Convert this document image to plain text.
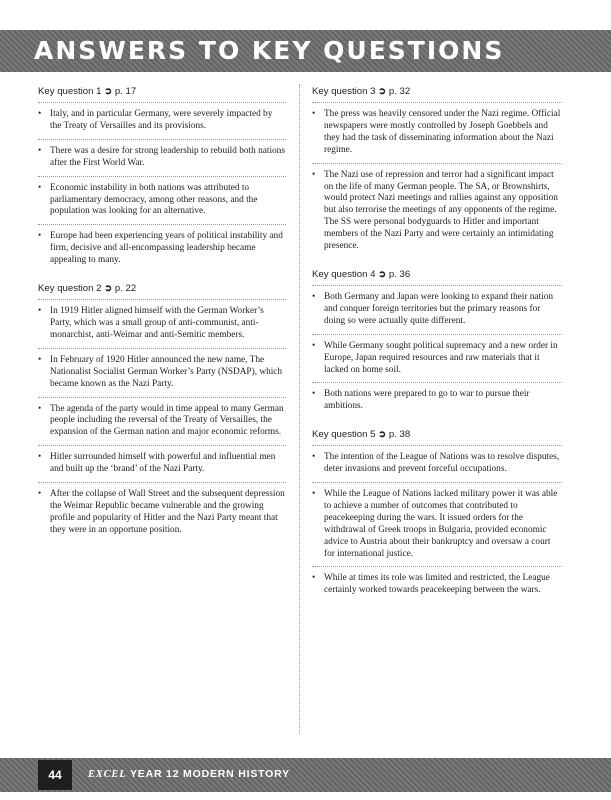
ANSWERS TO KEY QUESTIONS
Key question 1 ➲ p. 17
• Italy, and in particular Germany, were severely impacted by the Treaty of Versailles and its provisions.
• There was a desire for strong leadership to rebuild both nations after the First World War.
• Economic instability in both nations was attributed to parliamentary democracy, among other reasons, and the population was looking for an alternative.
• Europe had been experiencing years of political instability and firm, decisive and all-encompassing leadership became appealing to many.
Key question 2 ➲ p. 22
• In 1919 Hitler aligned himself with the German Worker’s Party, which was a small group of anti-communist, anti-monarchist, anti-Weimar and anti-Semitic members.
• In February of 1920 Hitler announced the new name, The Nationalist Socialist German Worker’s Party (NSDAP), which became known as the Nazi Party.
• The agenda of the party would in time appeal to many German people including the reversal of the Treaty of Versailles, the expansion of the German nation and major economic reforms.
• Hitler surrounded himself with powerful and influential men and built up the ‘brand’ of the Nazi Party.
• After the collapse of Wall Street and the subsequent depression the Weimar Republic became vulnerable and the growing profile and popularity of Hitler and the Nazi Party meant that they were in an opportune position.
Key question 3 ➲ p. 32
• The press was heavily censored under the Nazi regime. Official newspapers were mostly controlled by Joseph Goebbels and they had the task of disseminating information about the Nazi regime.
• The Nazi use of repression and terror had a significant impact on the life of many German people. The SA, or Brownshirts, would protect Nazi meetings and rallies against any opposition but also terrorise the meetings of any opponents of the regime. The SS were personal bodyguards to Hitler and important members of the Nazi Party and were certainly an intimidating presence.
Key question 4 ➲ p. 36
• Both Germany and Japan were looking to expand their nation and conquer foreign territories but the primary reasons for doing so were actually quite different.
• While Germany sought political supremacy and a new order in Europe, Japan required resources and raw materials that it lacked on home soil.
• Both nations were prepared to go to war to pursue their ambitions.
Key question 5 ➲ p. 38
• The intention of the League of Nations was to resolve disputes, deter invasions and prevent forceful occupations.
• While the League of Nations lacked military power it was able to achieve a number of outcomes that contributed to peacekeeping during the wars. It issued orders for the withdrawal of Greek troops in Bulgaria, provided economic advice to Austria about their bankruptcy and oversaw a court for international justice.
• While at times its role was limited and restricted, the League certainly worked towards peacekeeping between the wars.
44	EXCEL YEAR 12 MODERN HISTORY
